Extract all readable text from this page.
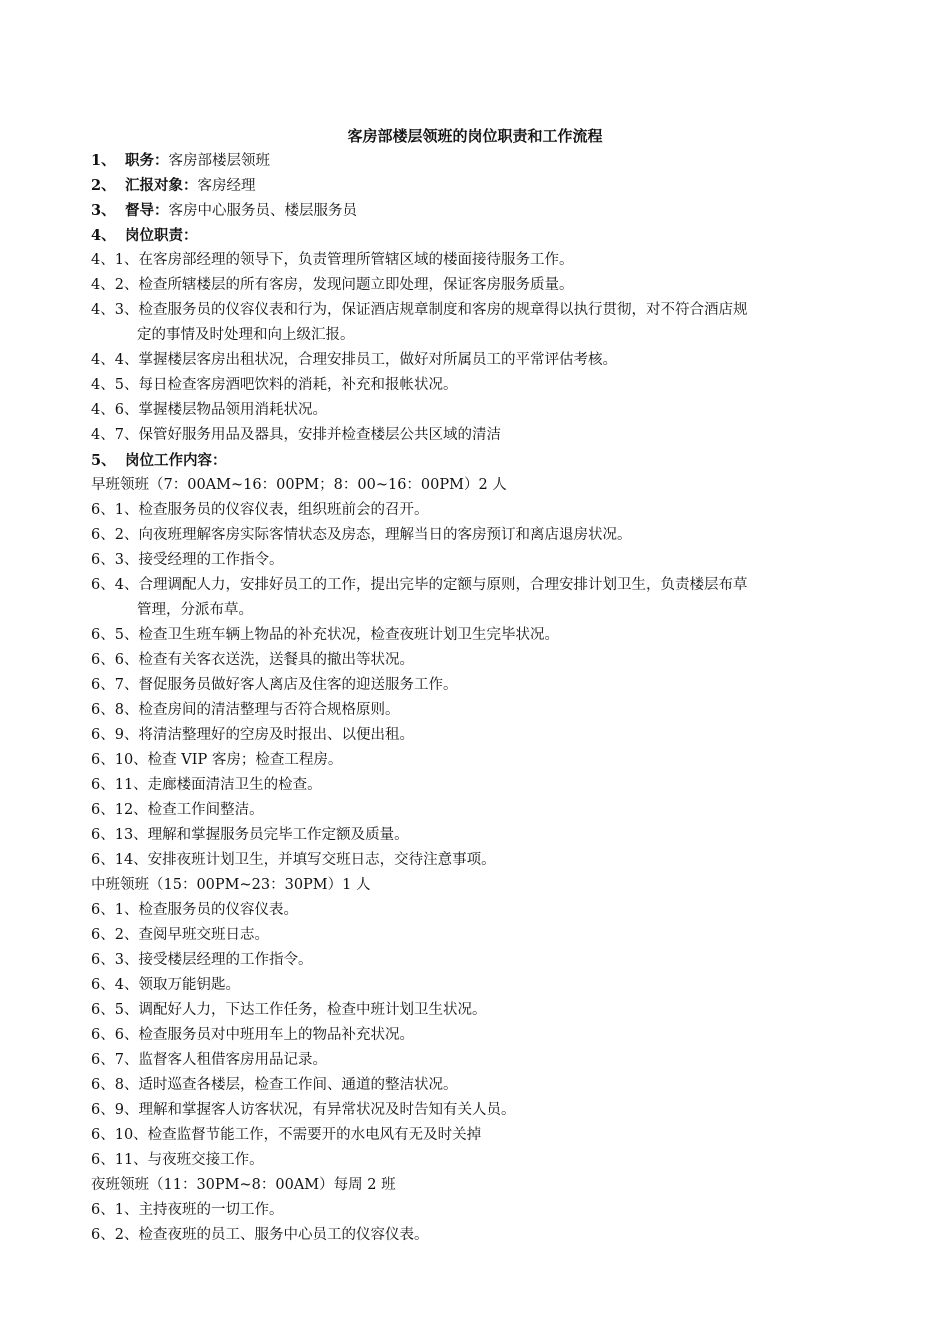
客房部楼层领班的岗位职责和工作流程
1、 职务：客房部楼层领班
2、 汇报对象：客房经理
3、 督导：客房中心服务员、楼层服务员
4、 岗位职责：
4、1、在客房部经理的领导下，负责管理所管辖区域的楼面接待服务工作。
4、2、检查所辖楼层的所有客房，发现问题立即处理，保证客房服务质量。
4、3、检查服务员的仪容仪表和行为，保证酒店规章制度和客房的规章得以执行贯彻，对不符合酒店规
定的事情及时处理和向上级汇报。
4、4、掌握楼层客房出租状况，合理安排员工，做好对所属员工的平常评估考核。
4、5、每日检查客房酒吧饮料的消耗，补充和报帐状况。
4、6、掌握楼层物品领用消耗状况。
4、7、保管好服务用品及器具，安排并检查楼层公共区域的清洁
5、 岗位工作内容：
早班领班（7：00AM~16：00PM；8：00~16：00PM）2 人
6、1、检查服务员的仪容仪表，组织班前会的召开。
6、2、向夜班理解客房实际客情状态及房态，理解当日的客房预订和离店退房状况。
6、3、接受经理的工作指令。
6、4、合理调配人力，安排好员工的工作，提出完毕的定额与原则，合理安排计划卫生，负责楼层布草
管理，分派布草。
6、5、检查卫生班车辆上物品的补充状况，检查夜班计划卫生完毕状况。
6、6、检查有关客衣送洗，送餐具的撤出等状况。
6、7、督促服务员做好客人离店及住客的迎送服务工作。
6、8、检查房间的清洁整理与否符合规格原则。
6、9、将清洁整理好的空房及时报出、以便出租。
6、10、检查 VIP 客房；检查工程房。
6、11、走廊楼面清洁卫生的检查。
6、12、检查工作间整洁。
6、13、理解和掌握服务员完毕工作定额及质量。
6、14、安排夜班计划卫生，并填写交班日志，交待注意事项。
中班领班（15：00PM~23：30PM）1 人
6、1、检查服务员的仪容仪表。
6、2、查阅早班交班日志。
6、3、接受楼层经理的工作指令。
6、4、领取万能钥匙。
6、5、调配好人力，下达工作任务，检查中班计划卫生状况。
6、6、检查服务员对中班用车上的物品补充状况。
6、7、监督客人租借客房用品记录。
6、8、适时巡查各楼层，检查工作间、通道的整洁状况。
6、9、理解和掌握客人访客状况，有异常状况及时告知有关人员。
6、10、检查监督节能工作，不需要开的水电风有无及时关掉
6、11、与夜班交接工作。
夜班领班（11：30PM~8：00AM）每周 2 班
6、1、主持夜班的一切工作。
6、2、检查夜班的员工、服务中心员工的仪容仪表。
